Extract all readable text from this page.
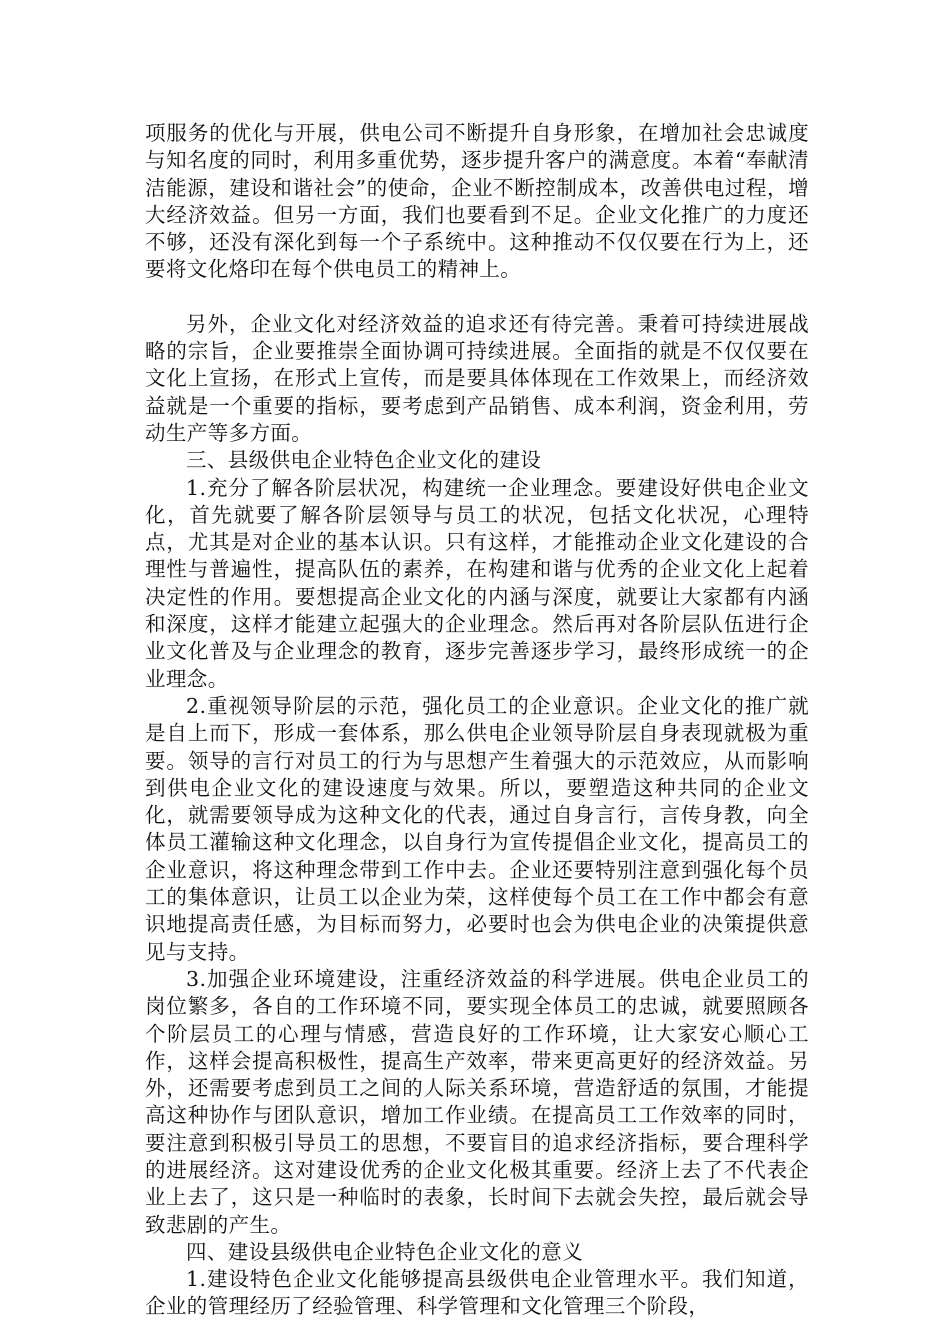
项服务的优化与开展，供电公司不断提升自身形象，在增加社会忠诚度与知名度的同时，利用多重优势，逐步提升客户的满意度。本着“奉献清洁能源，建设和谐社会”的使命，企业不断控制成本，改善供电过程，增大经济效益。但另一方面，我们也要看到不足。企业文化推广的力度还不够，还没有深化到每一个子系统中。这种推动不仅仅要在行为上，还要将文化烙印在每个供电员工的精神上。

另外，企业文化对经济效益的追求还有待完善。秉着可持续进展战略的宗旨，企业要推崇全面协调可持续进展。全面指的就是不仅仅要在文化上宣扬，在形式上宣传，而是要具体体现在工作效果上，而经济效益就是一个重要的指标，要考虑到产品销售、成本利润，资金利用，劳动生产等多方面。

三、县级供电企业特色企业文化的建设

1.充分了解各阶层状况，构建统一企业理念。要建设好供电企业文化，首先就要了解各阶层领导与员工的状况，包括文化状况，心理特点，尤其是对企业的基本认识。只有这样，才能推动企业文化建设的合理性与普遍性，提高队伍的素养，在构建和谐与优秀的企业文化上起着决定性的作用。要想提高企业文化的内涵与深度，就要让大家都有内涵和深度，这样才能建立起强大的企业理念。然后再对各阶层队伍进行企业文化普及与企业理念的教育，逐步完善逐步学习，最终形成统一的企业理念。

2.重视领导阶层的示范，强化员工的企业意识。企业文化的推广就是自上而下，形成一套体系，那么供电企业领导阶层自身表现就极为重要。领导的言行对员工的行为与思想产生着强大的示范效应，从而影响到供电企业文化的建设速度与效果。所以，要塑造这种共同的企业文化，就需要领导成为这种文化的代表，通过自身言行，言传身教，向全体员工灌输这种文化理念，以自身行为宣传提倡企业文化，提高员工的企业意识，将这种理念带到工作中去。企业还要特别注意到强化每个员工的集体意识，让员工以企业为荣，这样使每个员工在工作中都会有意识地提高责任感，为目标而努力，必要时也会为供电企业的决策提供意见与支持。

3.加强企业环境建设，注重经济效益的科学进展。供电企业员工的岗位繁多，各自的工作环境不同，要实现全体员工的忠诚，就要照顾各个阶层员工的心理与情感，营造良好的工作环境，让大家安心顺心工作，这样会提高积极性，提高生产效率，带来更高更好的经济效益。另外，还需要考虑到员工之间的人际关系环境，营造舒适的氛围，才能提高这种协作与团队意识，增加工作业绩。在提高员工工作效率的同时，要注意到积极引导员工的思想，不要盲目的追求经济指标，要合理科学的进展经济。这对建设优秀的企业文化极其重要。经济上去了不代表企业上去了，这只是一种临时的表象，长时间下去就会失控，最后就会导致悲剧的产生。

四、建设县级供电企业特色企业文化的意义

1.建设特色企业文化能够提高县级供电企业管理水平。我们知道，企业的管理经历了经验管理、科学管理和文化管理三个阶段，
